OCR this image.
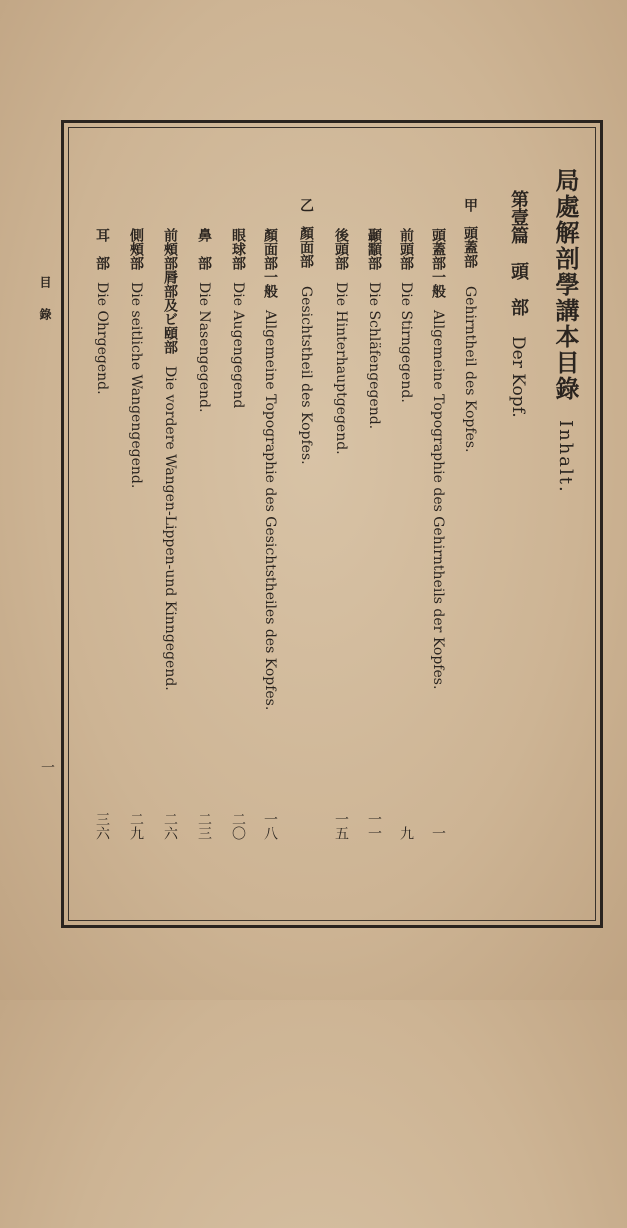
目 錄
一
局處解剖學講本目錄 Inhalt.
第壹篇　頭　部 Der Kopf.
甲　頭蓋部 Gehirntheil des Kopfes.
頭蓋部一般 Allgemeine Topographie des Gehirntheils der Kopfes.
一
前頭部 Die Stirngegend.
九
顳顬部 Die Schläfengegend.
一一
後頭部 Die Hinterhauptgegend.
一五
乙　顏面部 Gesichtstheil des Kopfes.
顏面部一般 Allgemeine Topographie des Gesichtstheiles des Kopfes.
一八
眼球部 Die Augengegend
二〇
鼻　部 Die Nasengegend.
二三
前頰部脣部及ビ頤部 Die vordere Wangen-Lippen-und Kinngegend.
二六
側頰部 Die seitliche Wangengegend.
二九
耳　部 Die Ohrgegend.
三六
